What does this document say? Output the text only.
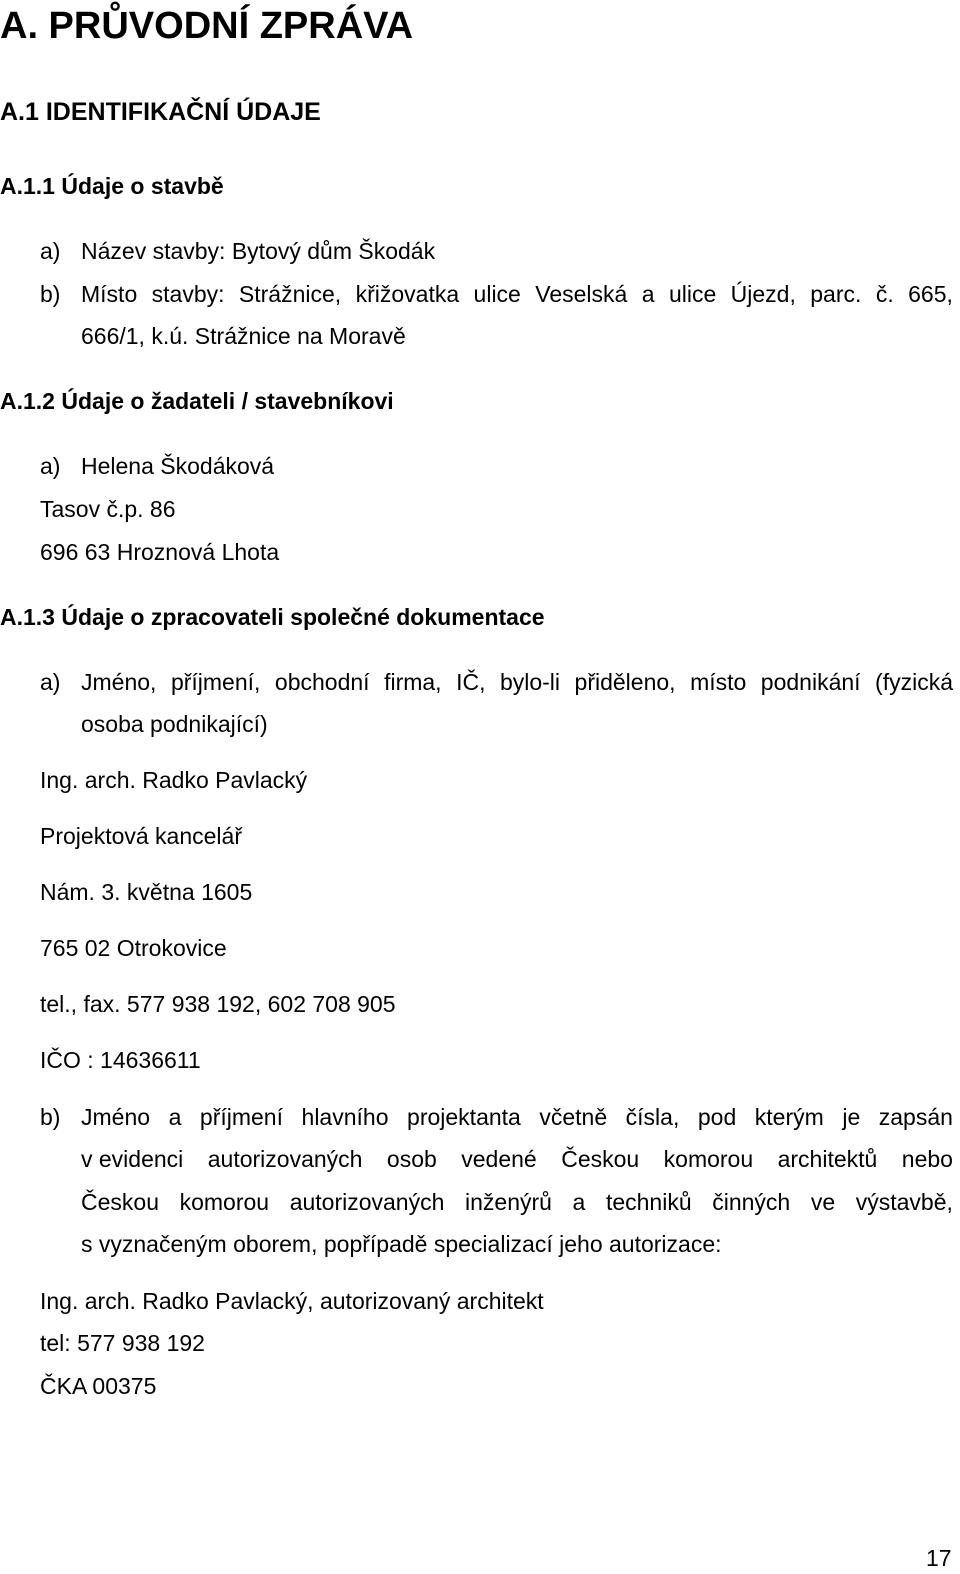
A. PRŮVODNÍ ZPRÁVA
A.1 IDENTIFIKAČNÍ ÚDAJE
A.1.1 Údaje o stavbě
a) Název stavby: Bytový dům Škodák
b) Místo stavby: Strážnice, křižovatka ulice Veselská a ulice Újezd, parc. č. 665,
666/1, k.ú. Strážnice na Moravě
A.1.2 Údaje o žadateli / stavebníkovi
a) Helena Škodáková
Tasov č.p. 86
696 63 Hroznová Lhota
A.1.3 Údaje o zpracovateli společné dokumentace
a) Jméno, příjmení, obchodní firma, IČ, bylo-li přiděleno, místo podnikání (fyzická
osoba podnikající)
Ing. arch. Radko Pavlacký
Projektová kancelář
Nám. 3. května 1605
765 02 Otrokovice
tel., fax. 577 938 192, 602 708 905
IČO : 14636611
b) Jméno a příjmení hlavního projektanta včetně čísla, pod kterým je zapsán
v evidenci autorizovaných osob vedené Českou komorou architektů nebo
Českou komorou autorizovaných inženýrů a techniků činných ve výstavbě,
s vyznačeným oborem, popřípadě specializací jeho autorizace:
Ing. arch. Radko Pavlacký, autorizovaný architekt
tel: 577 938 192
ČKA 00375
17
